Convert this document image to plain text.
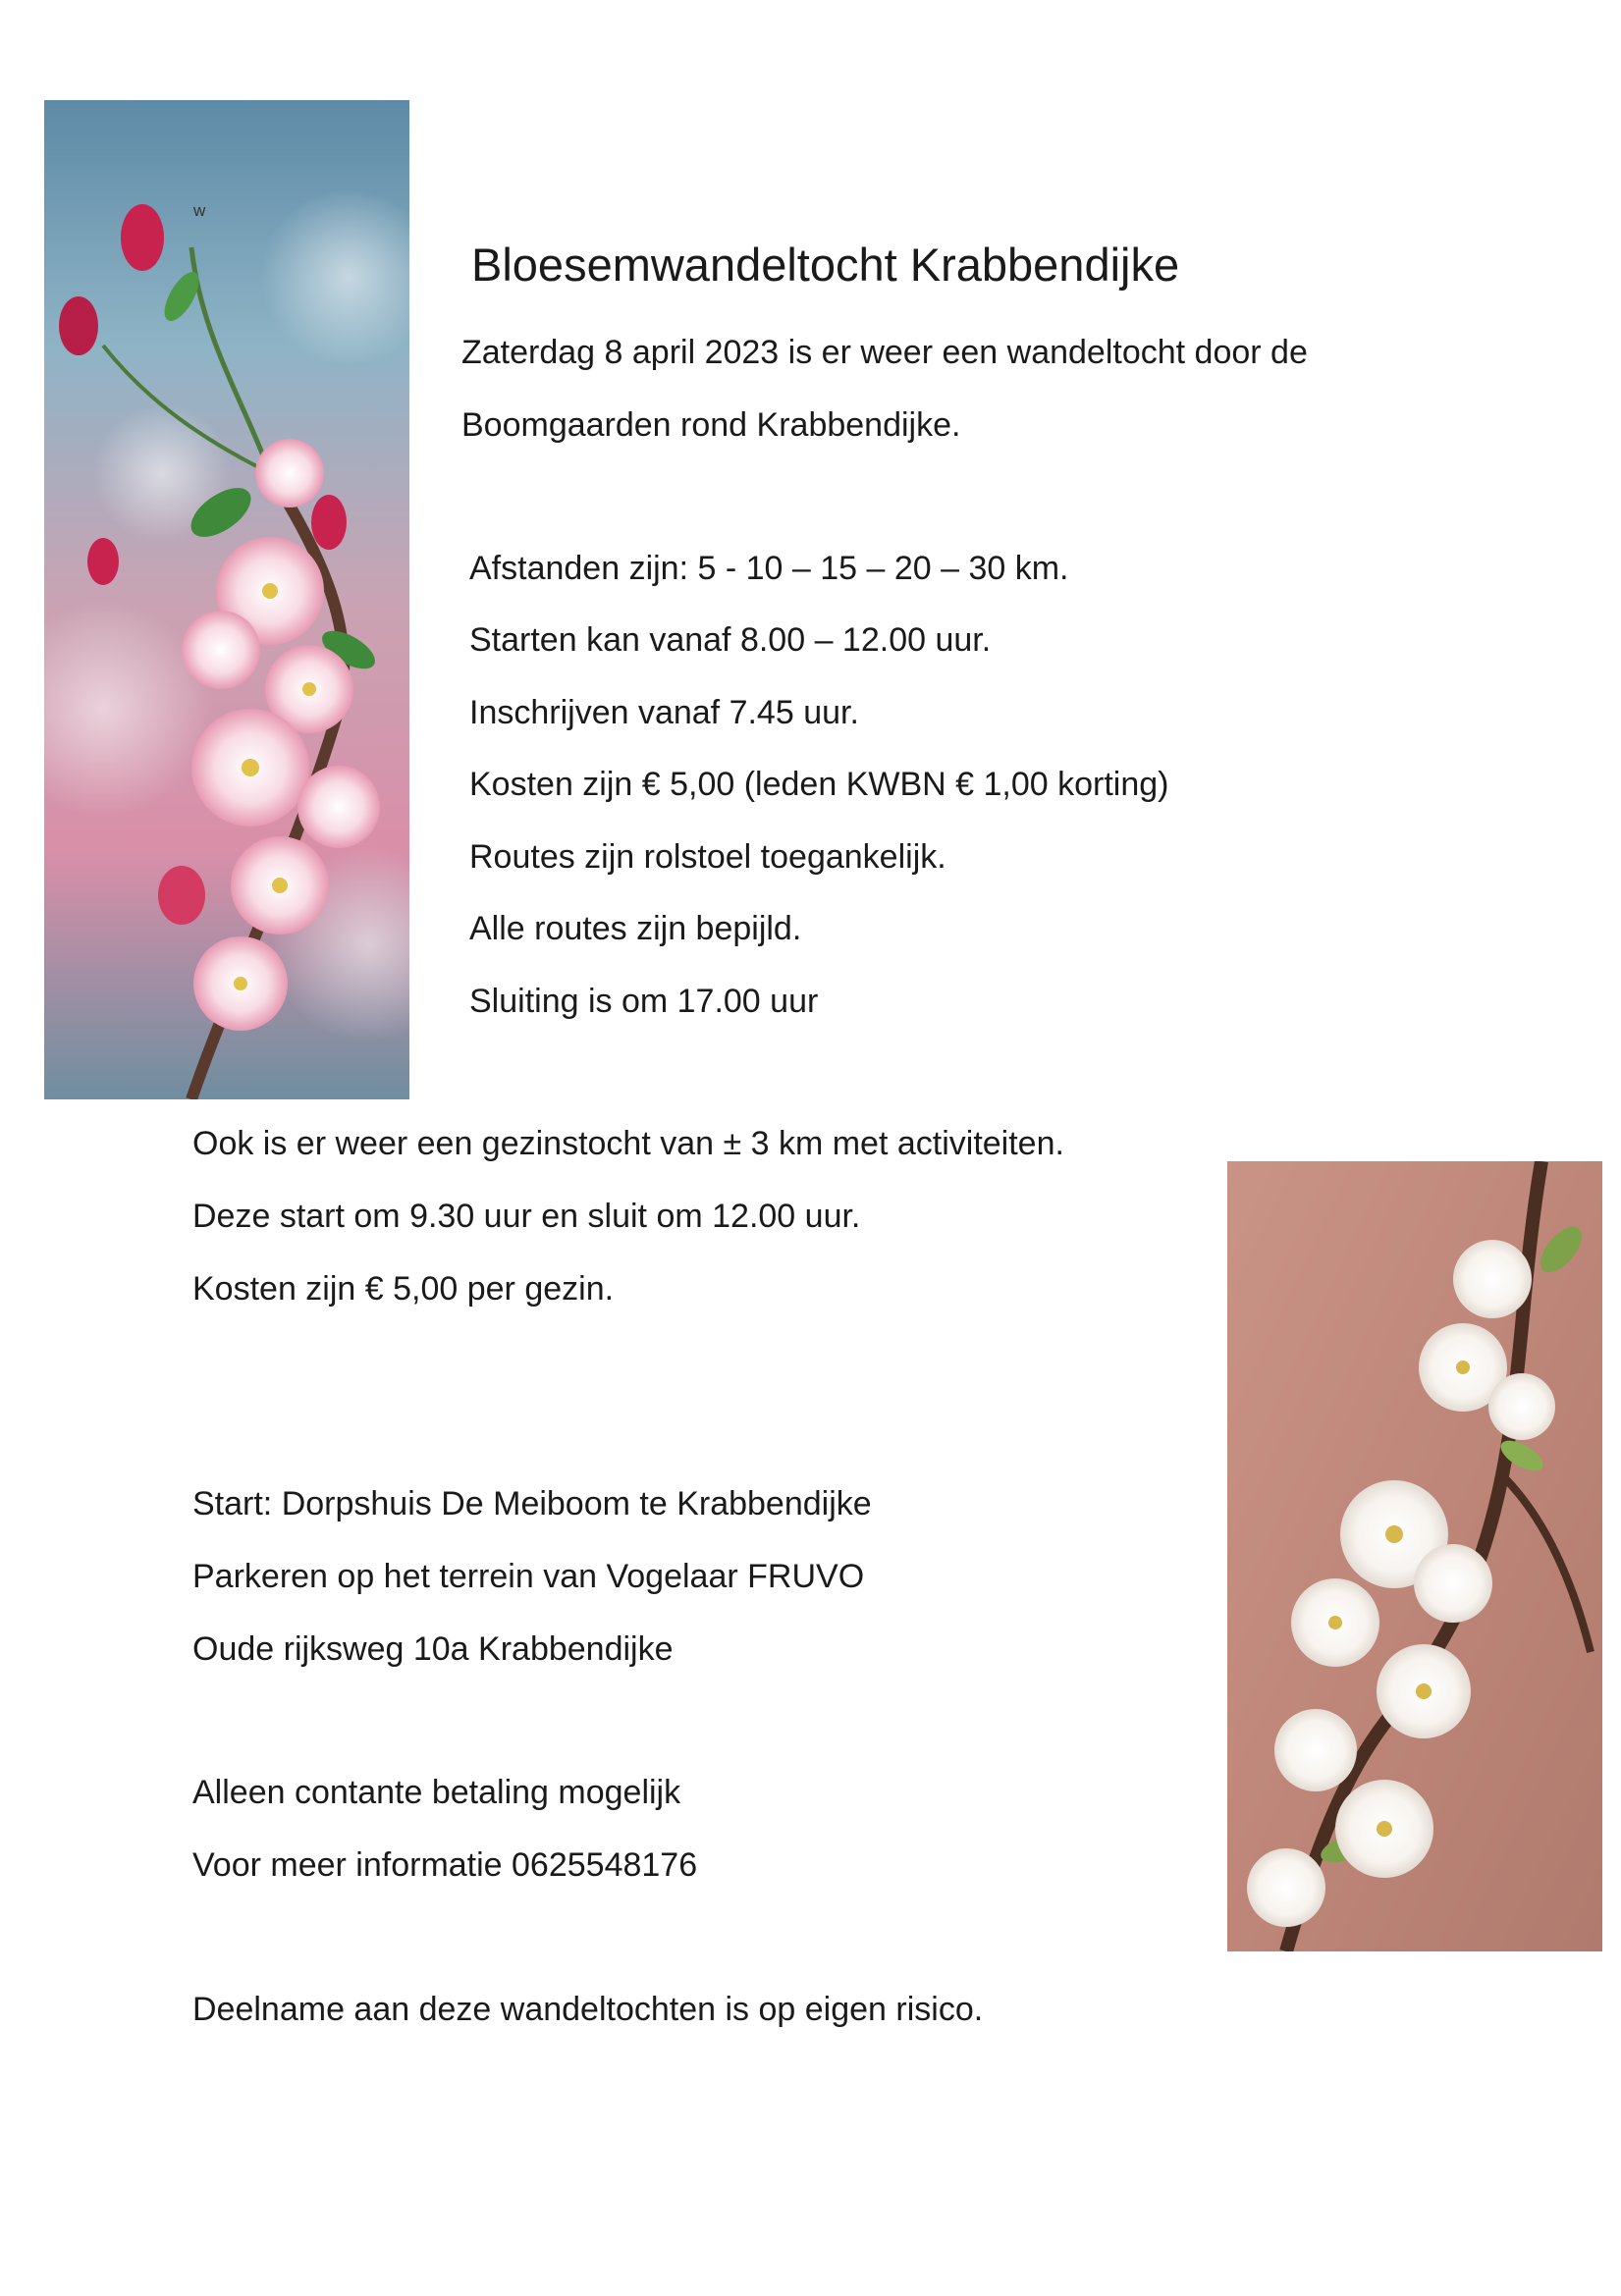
w
Bloesemwandeltocht Krabbendijke
Zaterdag 8 april 2023 is er weer een wandeltocht door de
Boomgaarden rond Krabbendijke.
Afstanden zijn: 5 - 10 – 15 – 20 – 30 km.
Starten kan vanaf 8.00 – 12.00 uur.
Inschrijven vanaf 7.45 uur.
Kosten zijn € 5,00 (leden KWBN € 1,00 korting)
Routes zijn rolstoel toegankelijk.
Alle routes zijn bepijld.
Sluiting is om 17.00 uur
Ook is er weer een gezinstocht van ± 3 km met activiteiten.
Deze start om 9.30 uur en sluit om 12.00 uur.
Kosten zijn € 5,00 per gezin.
Start: Dorpshuis De Meiboom te Krabbendijke
Parkeren op het terrein van Vogelaar FRUVO
Oude rijksweg 10a Krabbendijke
Alleen contante betaling mogelijk
Voor meer informatie 0625548176
Deelname aan deze wandeltochten is op eigen risico.
